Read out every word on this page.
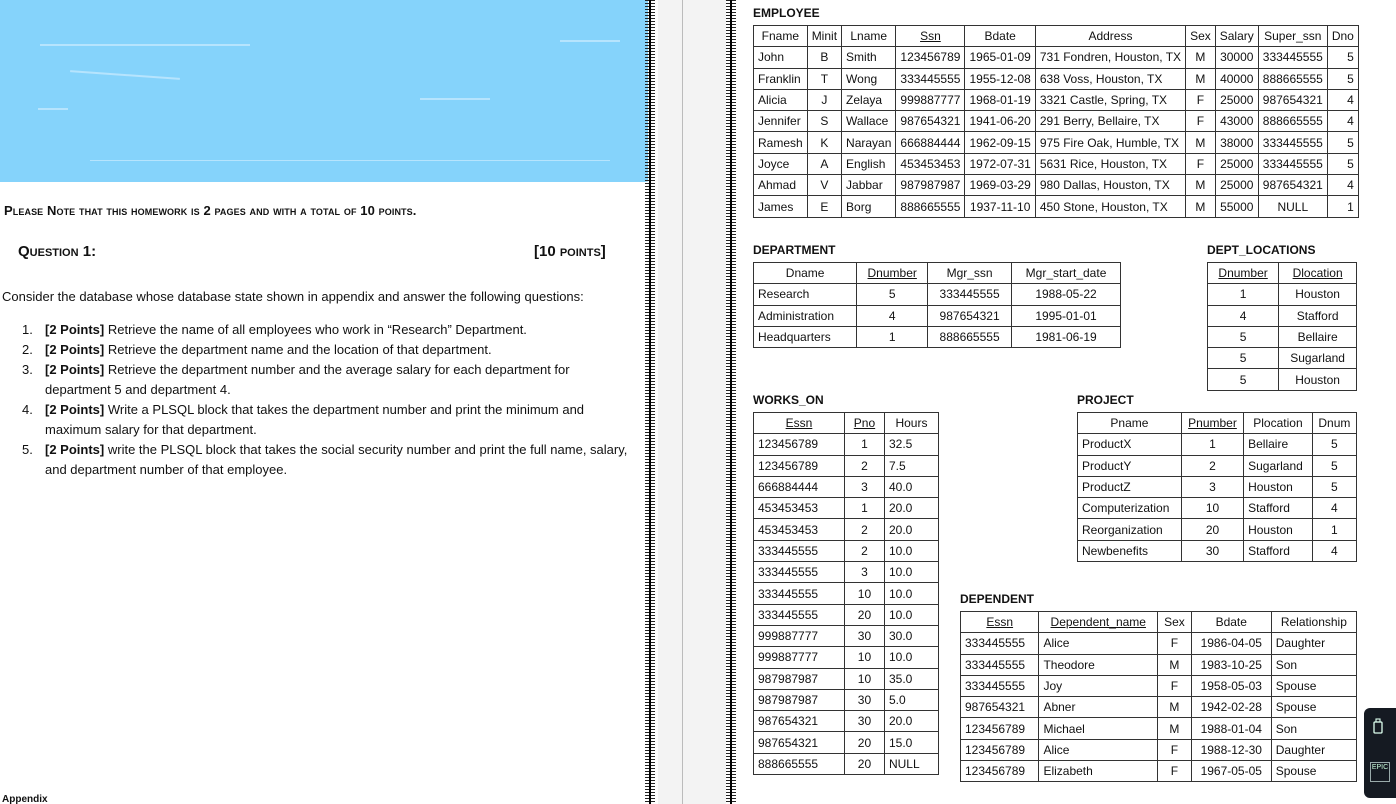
Please Note that this homework is 2 pages and with a total of 10 points.
Question 1:	[10 points]
Consider the database whose database state shown in appendix and answer the following questions:
1. [2 Points] Retrieve the name of all employees who work in “Research” Department.
2. [2 Points] Retrieve the department name and the location of that department.
3. [2 Points] Retrieve the department number and the average salary for each department for department 5 and department 4.
4. [2 Points] Write a PLSQL block that takes the department number and print the minimum and maximum salary for that department.
5. [2 Points] write the PLSQL block that takes the social security number and print the full name, salary, and department number of that employee.
Appendix
EMPLOYEE
Fname	Minit	Lname	Ssn	Bdate	Address	Sex	Salary	Super_ssn	Dno
John	B	Smith	123456789	1965-01-09	731 Fondren, Houston, TX	M	30000	333445555	5
Franklin	T	Wong	333445555	1955-12-08	638 Voss, Houston, TX	M	40000	888665555	5
Alicia	J	Zelaya	999887777	1968-01-19	3321 Castle, Spring, TX	F	25000	987654321	4
Jennifer	S	Wallace	987654321	1941-06-20	291 Berry, Bellaire, TX	F	43000	888665555	4
Ramesh	K	Narayan	666884444	1962-09-15	975 Fire Oak, Humble, TX	M	38000	333445555	5
Joyce	A	English	453453453	1972-07-31	5631 Rice, Houston, TX	F	25000	333445555	5
Ahmad	V	Jabbar	987987987	1969-03-29	980 Dallas, Houston, TX	M	25000	987654321	4
James	E	Borg	888665555	1937-11-10	450 Stone, Houston, TX	M	55000	NULL	1
DEPARTMENT
Dname	Dnumber	Mgr_ssn	Mgr_start_date
Research	5	333445555	1988-05-22
Administration	4	987654321	1995-01-01
Headquarters	1	888665555	1981-06-19
DEPT_LOCATIONS
Dnumber	Dlocation
1	Houston
4	Stafford
5	Bellaire
5	Sugarland
5	Houston
WORKS_ON
Essn	Pno	Hours
123456789	1	32.5
123456789	2	7.5
666884444	3	40.0
453453453	1	20.0
453453453	2	20.0
333445555	2	10.0
333445555	3	10.0
333445555	10	10.0
333445555	20	10.0
999887777	30	30.0
999887777	10	10.0
987987987	10	35.0
987987987	30	5.0
987654321	30	20.0
987654321	20	15.0
888665555	20	NULL
PROJECT
Pname	Pnumber	Plocation	Dnum
ProductX	1	Bellaire	5
ProductY	2	Sugarland	5
ProductZ	3	Houston	5
Computerization	10	Stafford	4
Reorganization	20	Houston	1
Newbenefits	30	Stafford	4
DEPENDENT
Essn	Dependent_name	Sex	Bdate	Relationship
333445555	Alice	F	1986-04-05	Daughter
333445555	Theodore	M	1983-10-25	Son
333445555	Joy	F	1958-05-03	Spouse
987654321	Abner	M	1942-02-28	Spouse
123456789	Michael	M	1988-01-04	Son
123456789	Alice	F	1988-12-30	Daughter
123456789	Elizabeth	F	1967-05-05	Spouse	EPIC
